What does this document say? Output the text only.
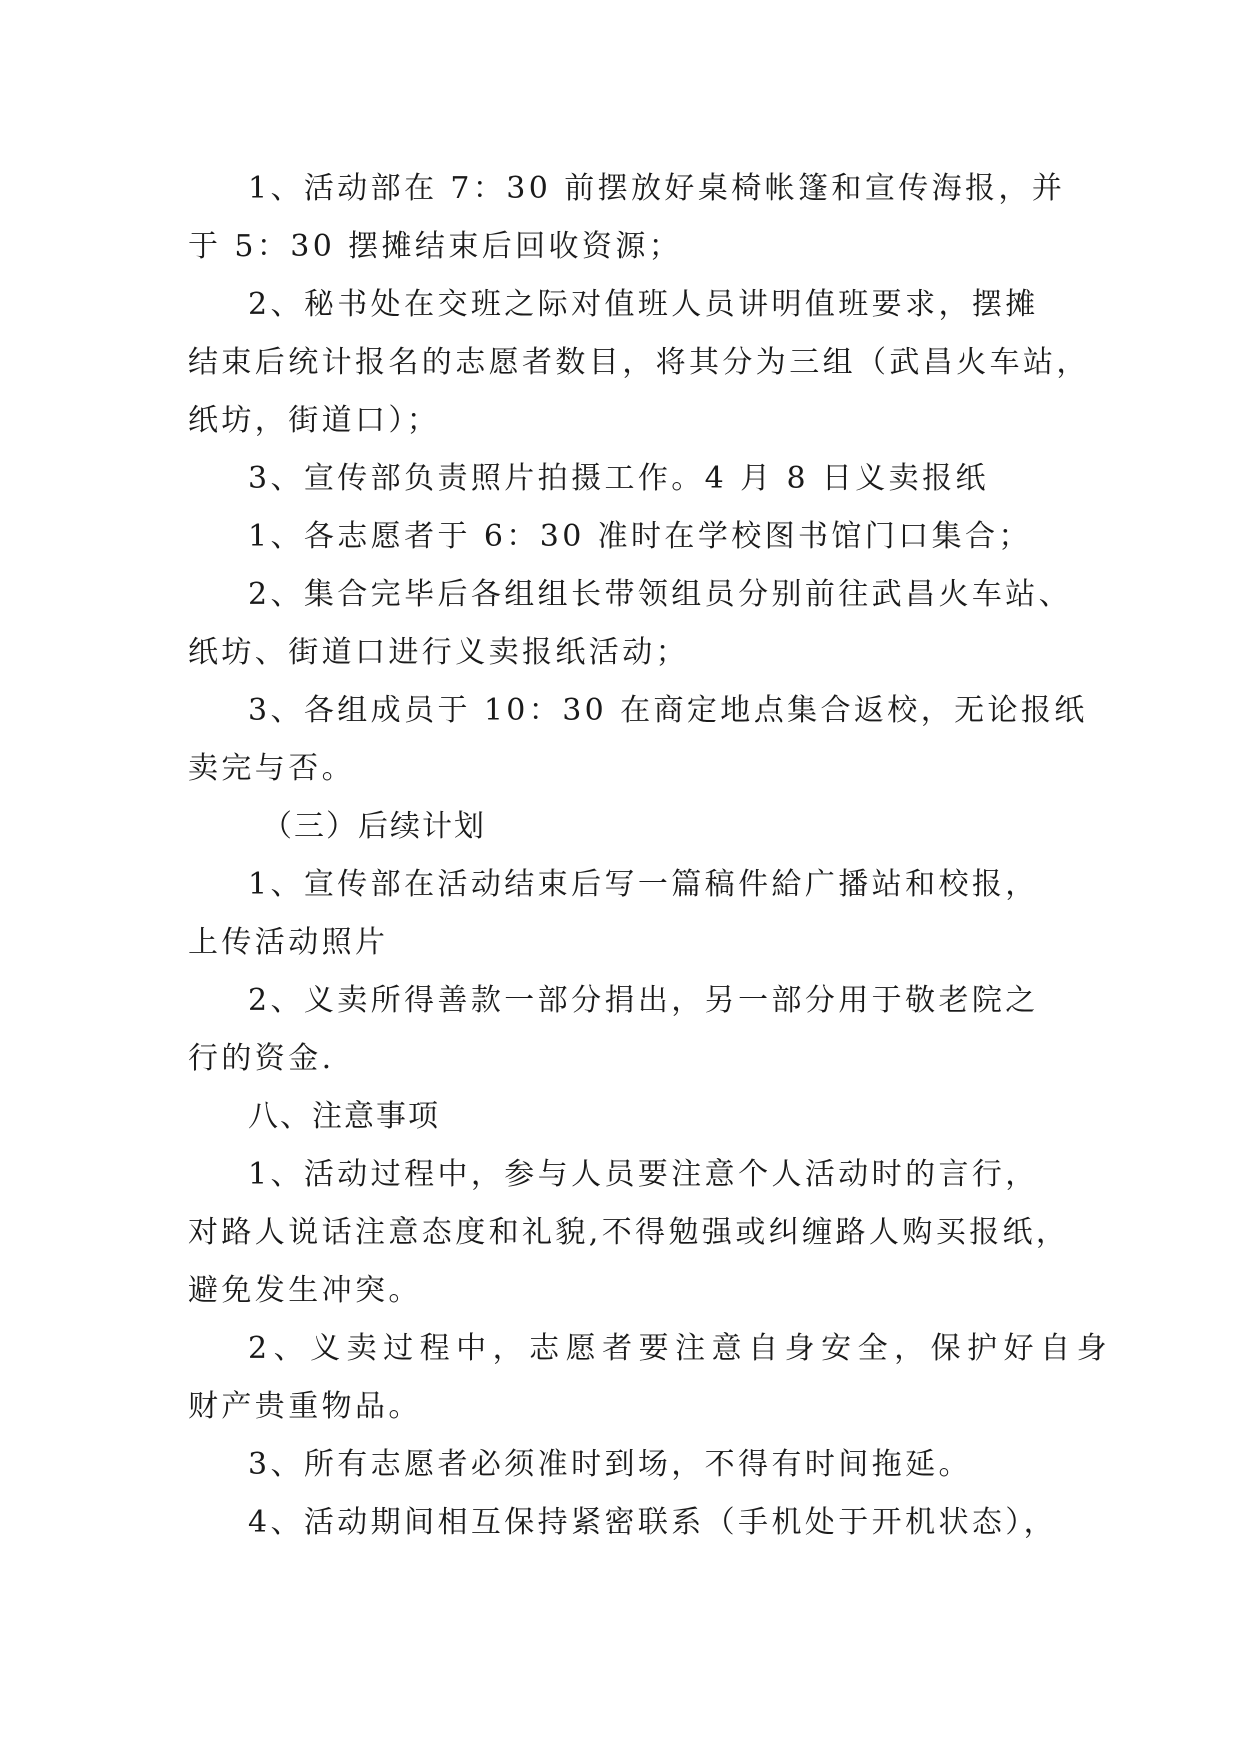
1、活动部在 7：30 前摆放好桌椅帐篷和宣传海报，并
于 5：30 摆摊结束后回收资源；
2、秘书处在交班之际对值班人员讲明值班要求，摆摊
结束后统计报名的志愿者数目，将其分为三组（武昌火车站，
纸坊，街道口）；
3、宣传部负责照片拍摄工作。4 月 8 日义卖报纸
1、各志愿者于 6：30 准时在学校图书馆门口集合；
2、集合完毕后各组组长带领组员分别前往武昌火车站、
纸坊、街道口进行义卖报纸活动；
3、各组成员于 10：30 在商定地点集合返校，无论报纸
卖完与否。
（三）后续计划
1、宣传部在活动结束后写一篇稿件給广播站和校报，
上传活动照片
2、义卖所得善款一部分捐出，另一部分用于敬老院之
行的资金.
八、注意事项
1、活动过程中，参与人员要注意个人活动时的言行，
对路人说话注意态度和礼貌,不得勉强或纠缠路人购买报纸，
避免发生冲突。
2、义卖过程中，志愿者要注意自身安全，保护好自身
财产贵重物品。
3、所有志愿者必须准时到场，不得有时间拖延。
4、活动期间相互保持紧密联系（手机处于开机状态），
